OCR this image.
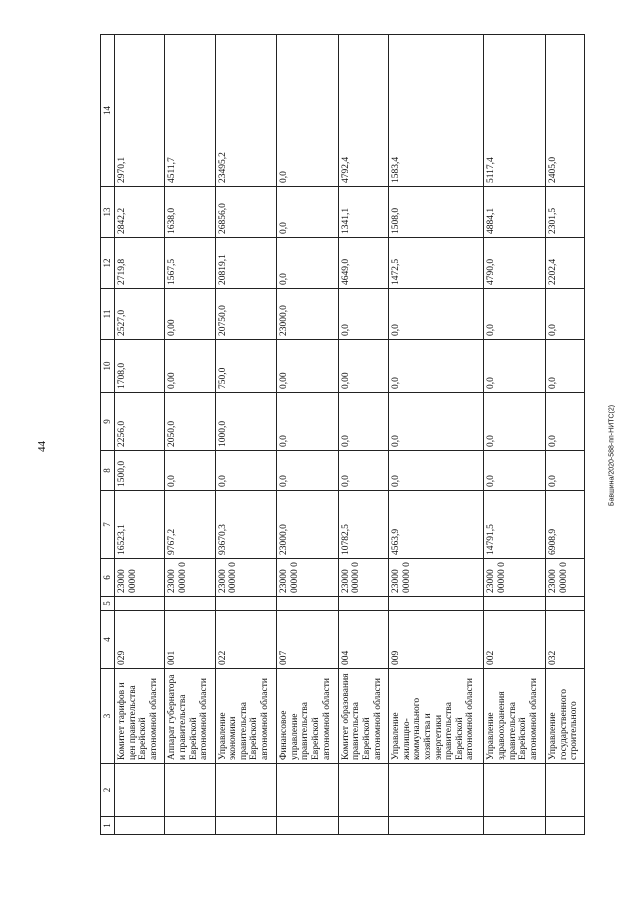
44	Бавшина/2020-588-пп-НИТС(2)
1	2	3	4	5	6	7	8	9	10	11	12	13	14
		Комитет тарифов и цен правительства Еврейской автономной области	029		23000 00000	16523,1	1500,0	2256,0	1708,0	2527,0	2719,8	2842,2	2970,1
		Аппарат губернатора и правительства Еврейской автономной области	001		23000 00000 0	9767,2	0,0	2050,0	0,00	0,00	1567,5	1638,0	4511,7
		Управление экономики правительства Еврейской автономной области	022		23000 00000 0	93670,3	0,0	1000,0	750,0	20750,0	20819,1	26856,0	23495,2
		Финансовое управление правительства Еврейской автономной области	007		23000 00000 0	23000,0	0,0	0,0	0,00	23000,0	0,0	0,0	0,0
		Комитет образования правительства Еврейской автономной области	004		23000 00000 0	10782,5	0,0	0,0	0,00	0,0	4649,0	1341,1	4792,4
		Управление жилищно-коммунального хозяйства и энергетики правительства Еврейской автономной области	009		23000 00000 0	4563,9	0,0	0,0	0,0	0,0	1472,5	1508,0	1583,4
		Управление здравоохранения правительства Еврейской автономной области	002		23000 00000 0	14791,5	0,0	0,0	0,0	0,0	4790,0	4884,1	5117,4
		Управление государственного строительного	032		23000 00000 0	6908,9	0,0	0,0	0,0	0,0	2202,4	2301,5	2405,0
